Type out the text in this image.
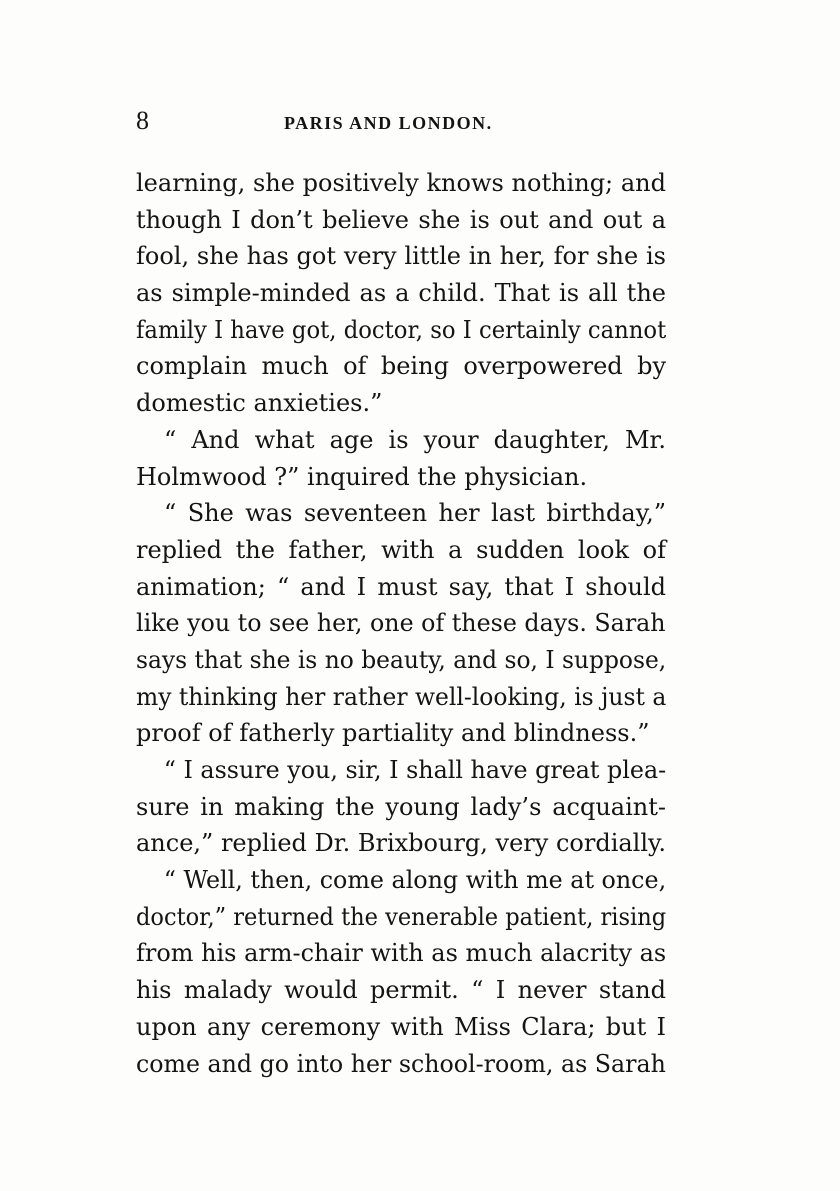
8	PARIS AND LONDON.
learning, she positively knows nothing; and
though I don’t believe she is out and out a
fool, she has got very little in her, for she is
as simple-minded as a child. That is all the
family I have got, doctor, so I certainly cannot
complain much of being overpowered by
domestic anxieties.”
“ And what age is your daughter, Mr.
Holmwood ?” inquired the physician.
“ She was seventeen her last birthday,”
replied the father, with a sudden look of
animation; “ and I must say, that I should
like you to see her, one of these days. Sarah
says that she is no beauty, and so, I suppose,
my thinking her rather well-looking, is just a
proof of fatherly partiality and blindness.”
“ I assure you, sir, I shall have great plea-
sure in making the young lady’s acquaint-
ance,” replied Dr. Brixbourg, very cordially.
“ Well, then, come along with me at once,
doctor,” returned the venerable patient, rising
from his arm-chair with as much alacrity as
his malady would permit. “ I never stand
upon any ceremony with Miss Clara; but I
come and go into her school-room, as Sarah
